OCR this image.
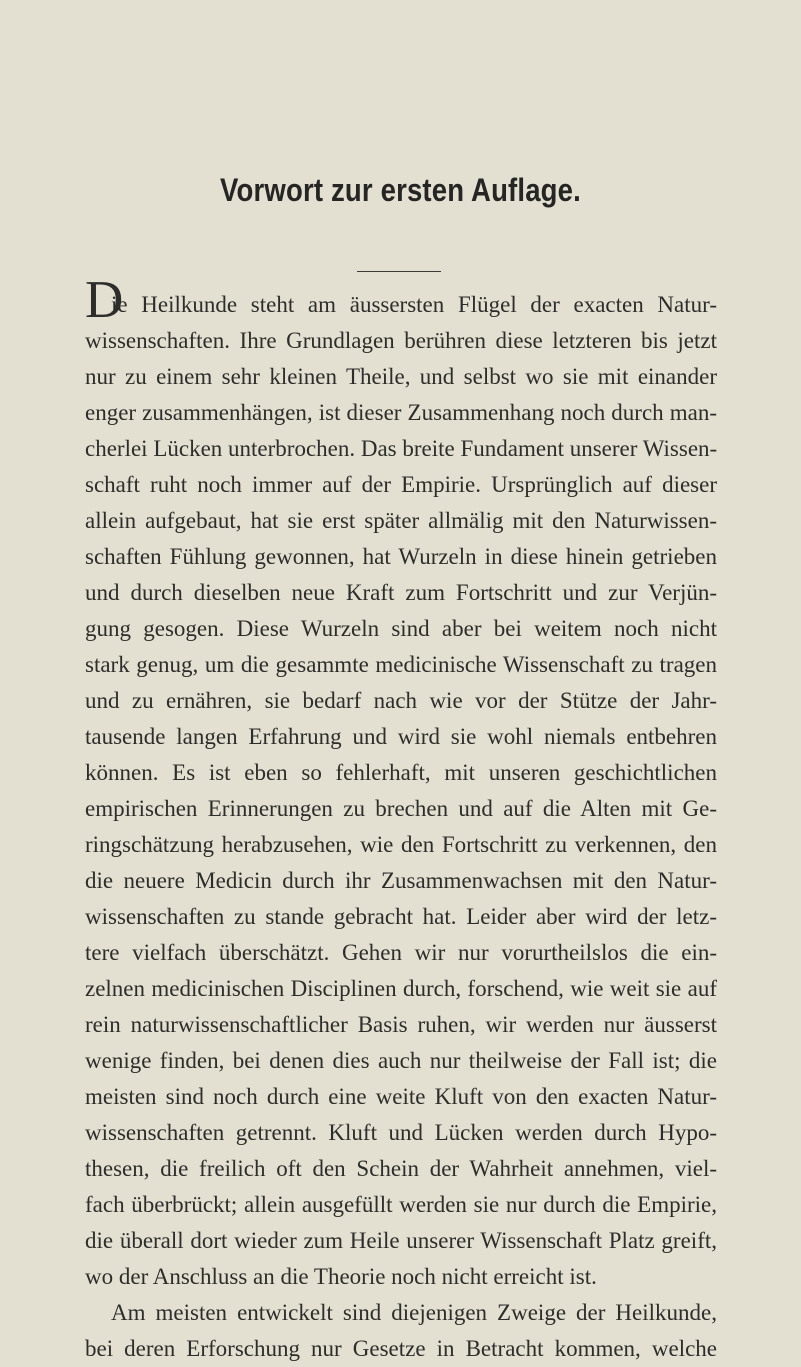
Vorwort zur ersten Auflage.
D
ie Heilkunde steht am äussersten Flügel der exacten Natur-
wissenschaften. Ihre Grundlagen berühren diese letzteren bis jetzt
nur zu einem sehr kleinen Theile, und selbst wo sie mit einander
enger zusammenhängen, ist dieser Zusammenhang noch durch man-
cherlei Lücken unterbrochen. Das breite Fundament unserer Wissen-
schaft ruht noch immer auf der Empirie. Ursprünglich auf dieser
allein aufgebaut, hat sie erst später allmälig mit den Naturwissen-
schaften Fühlung gewonnen, hat Wurzeln in diese hinein getrieben
und durch dieselben neue Kraft zum Fortschritt und zur Verjün-
gung gesogen. Diese Wurzeln sind aber bei weitem noch nicht
stark genug, um die gesammte medicinische Wissenschaft zu tragen
und zu ernähren, sie bedarf nach wie vor der Stütze der Jahr-
tausende langen Erfahrung und wird sie wohl niemals entbehren
können. Es ist eben so fehlerhaft, mit unseren geschichtlichen
empirischen Erinnerungen zu brechen und auf die Alten mit Ge-
ringschätzung herabzusehen, wie den Fortschritt zu verkennen, den
die neuere Medicin durch ihr Zusammenwachsen mit den Natur-
wissenschaften zu stande gebracht hat. Leider aber wird der letz-
tere vielfach überschätzt. Gehen wir nur vorurtheilslos die ein-
zelnen medicinischen Disciplinen durch, forschend, wie weit sie auf
rein naturwissenschaftlicher Basis ruhen, wir werden nur äusserst
wenige finden, bei denen dies auch nur theilweise der Fall ist; die
meisten sind noch durch eine weite Kluft von den exacten Natur-
wissenschaften getrennt. Kluft und Lücken werden durch Hypo-
thesen, die freilich oft den Schein der Wahrheit annehmen, viel-
fach überbrückt; allein ausgefüllt werden sie nur durch die Empirie,
die überall dort wieder zum Heile unserer Wissenschaft Platz greift,
wo der Anschluss an die Theorie noch nicht erreicht ist.
Am meisten entwickelt sind diejenigen Zweige der Heilkunde,
bei deren Erforschung nur Gesetze in Betracht kommen, welche
